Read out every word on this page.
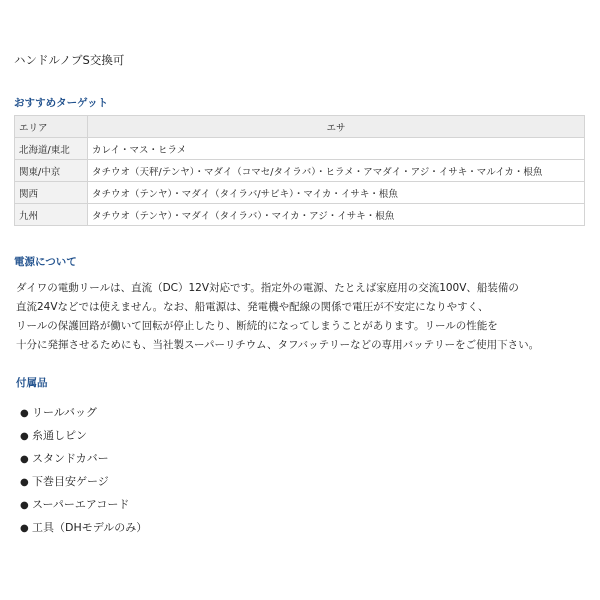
ハンドルノブS交換可
おすすめターゲット
エリア	エサ
北海道/東北	カレイ・マス・ヒラメ
関東/中京	タチウオ（天秤/テンヤ）・マダイ（コマセ/タイラバ）・ヒラメ・アマダイ・アジ・イサキ・マルイカ・根魚
関西	タチウオ（テンヤ）・マダイ（タイラバ/サビキ）・マイカ・イサキ・根魚
九州	タチウオ（テンヤ）・マダイ（タイラバ）・マイカ・アジ・イサキ・根魚
電源について
ダイワの電動リールは、直流（DC）12V対応です。指定外の電源、たとえば家庭用の交流100V、船装備の
直流24Vなどでは使えません。なお、船電源は、発電機や配線の関係で電圧が不安定になりやすく、
リールの保護回路が働いて回転が停止したり、断続的になってしまうことがあります。リールの性能を
十分に発揮させるためにも、当社製スーパーリチウム、タフバッテリーなどの専用バッテリーをご使用下さい。
付属品
● リールバッグ
● 糸通しピン
● スタンドカバー
● 下巻目安ゲージ
● スーパーエアコード
● 工具（DHモデルのみ）
